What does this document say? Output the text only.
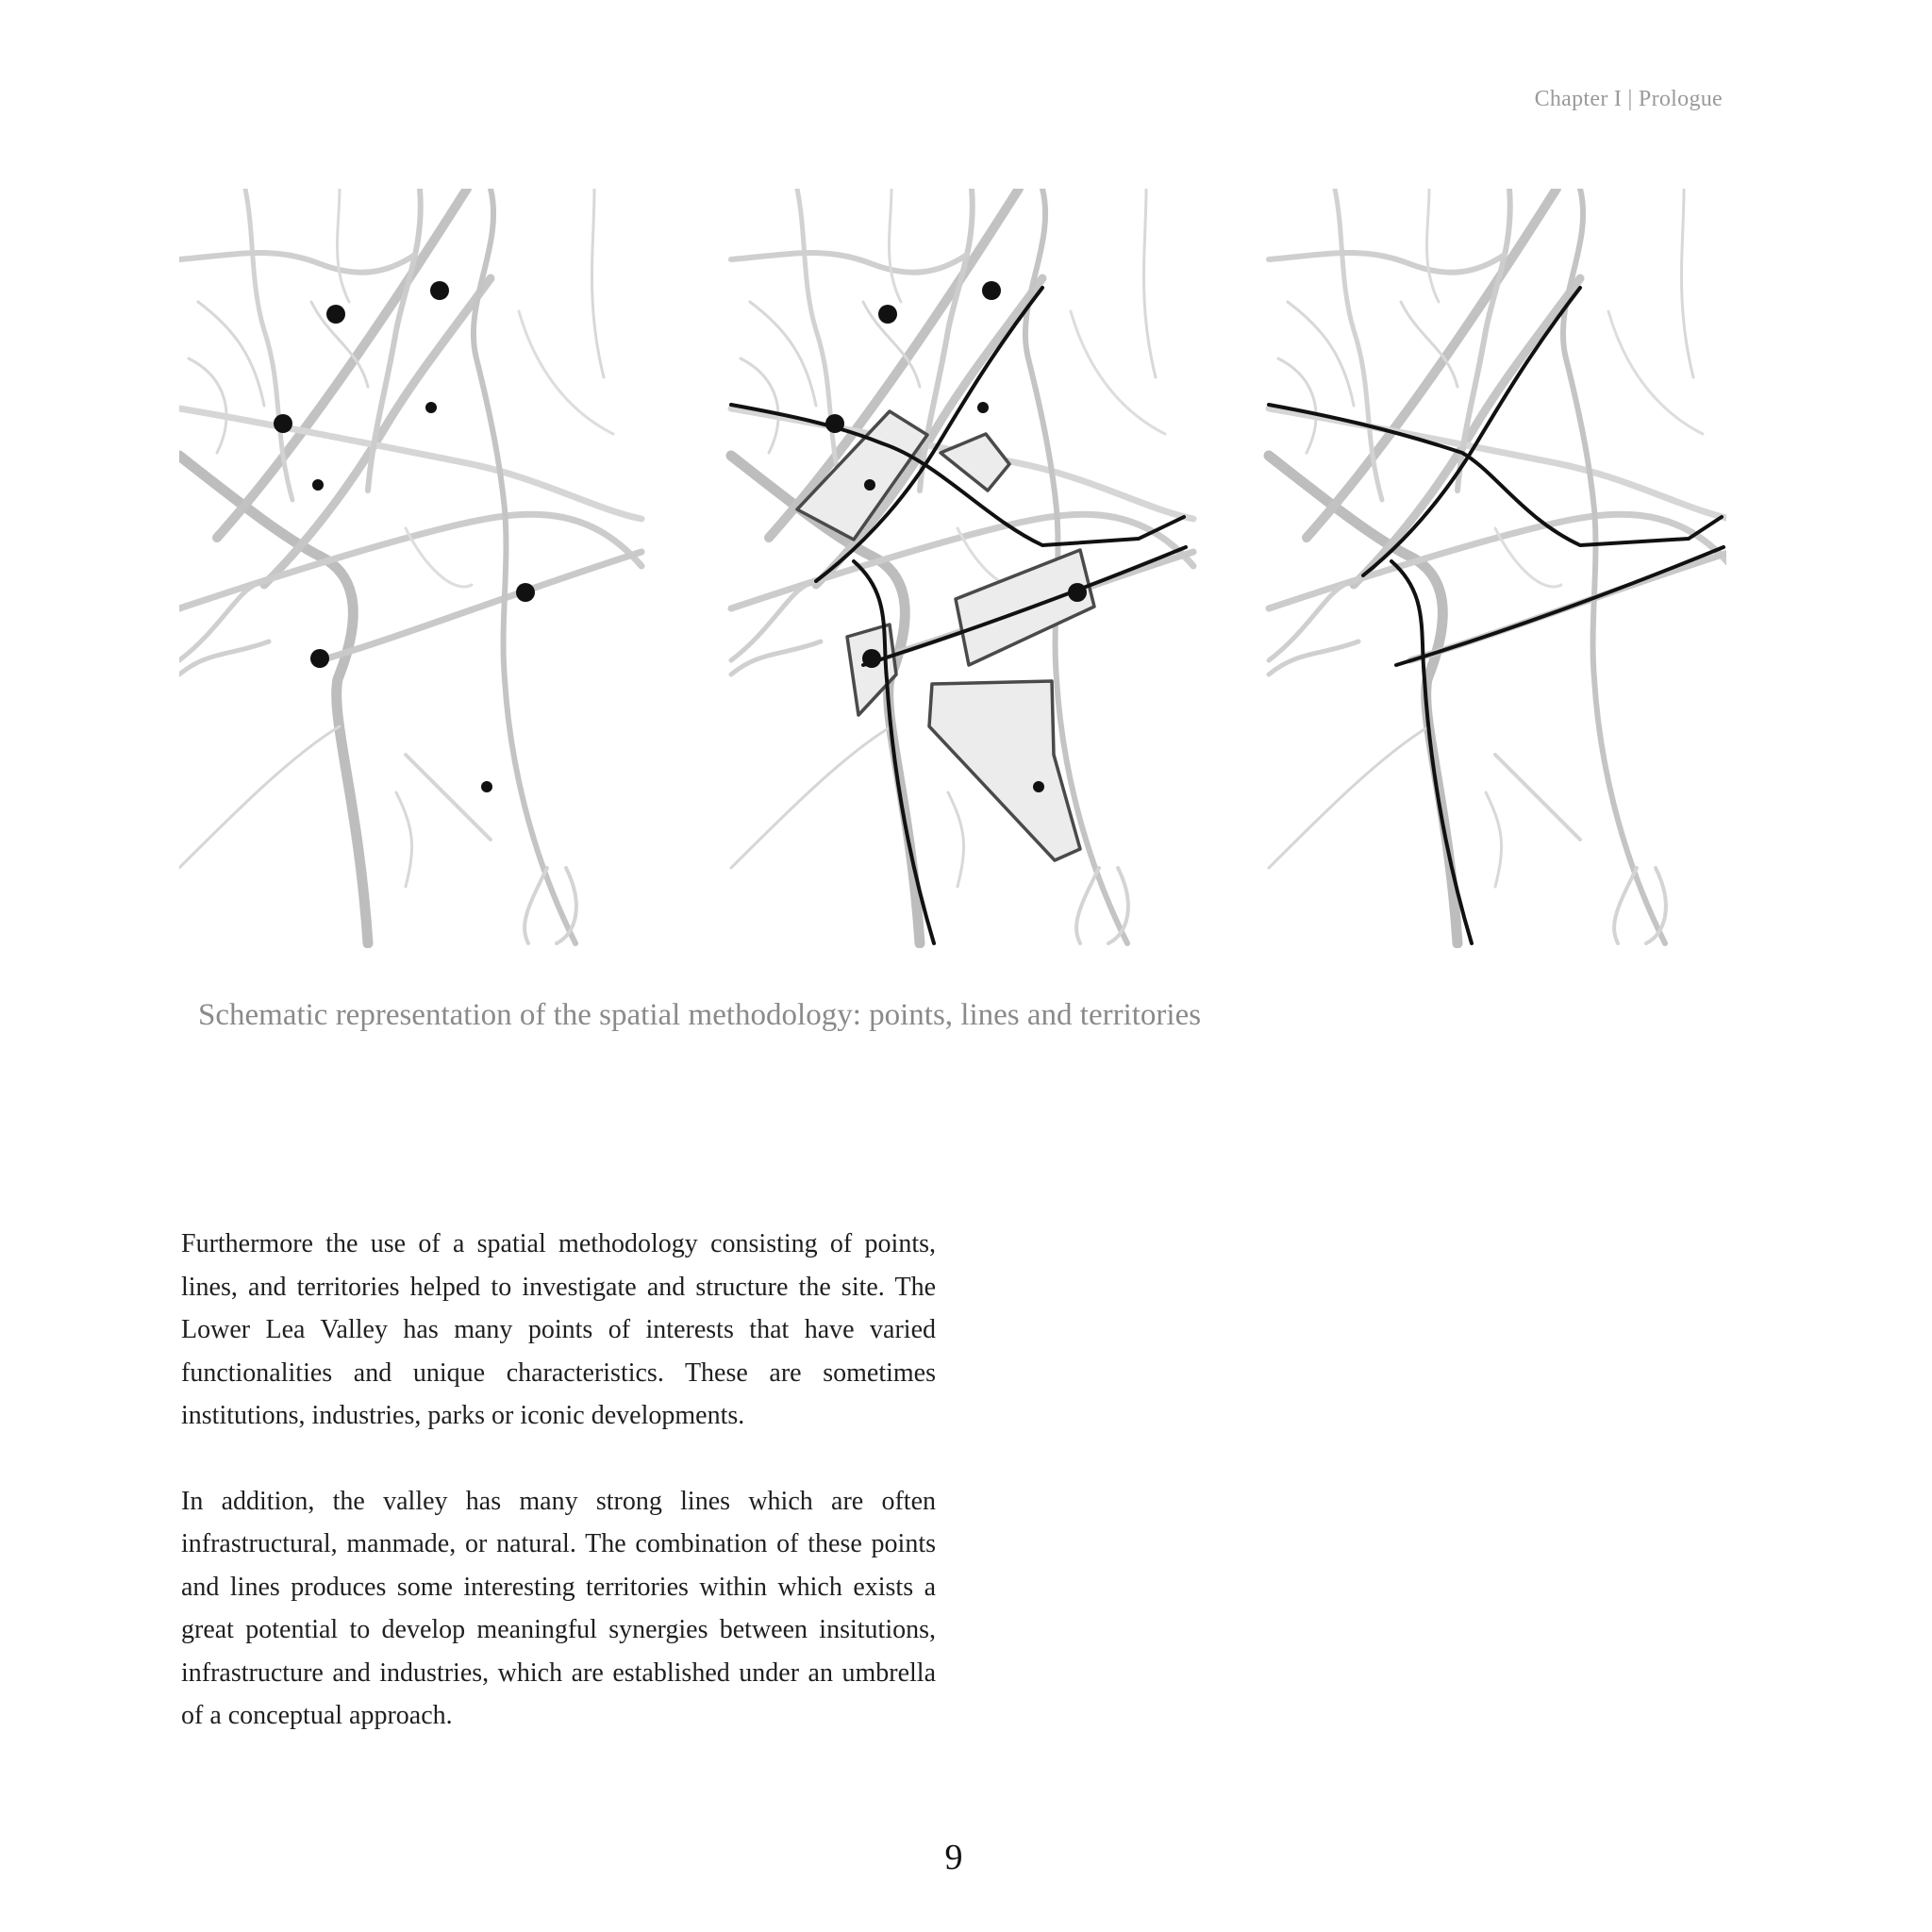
Chapter I | Prologue
Schematic representation of the spatial methodology: points, lines and territories

Furthermore the use of a spatial methodology consisting of points, lines, and territories helped to investigate and structure the site. The Lower Lea Valley has many points of interests that have varied functionalities and unique characteristics. These are sometimes institutions, industries, parks or iconic developments.

In addition, the valley has many strong lines which are often infrastructural, manmade, or natural. The combination of these points and lines produces some interesting territories within which exists a great potential to develop meaningful synergies between insitutions, infrastructure and industries, which are established under an umbrella of a conceptual approach.

9
